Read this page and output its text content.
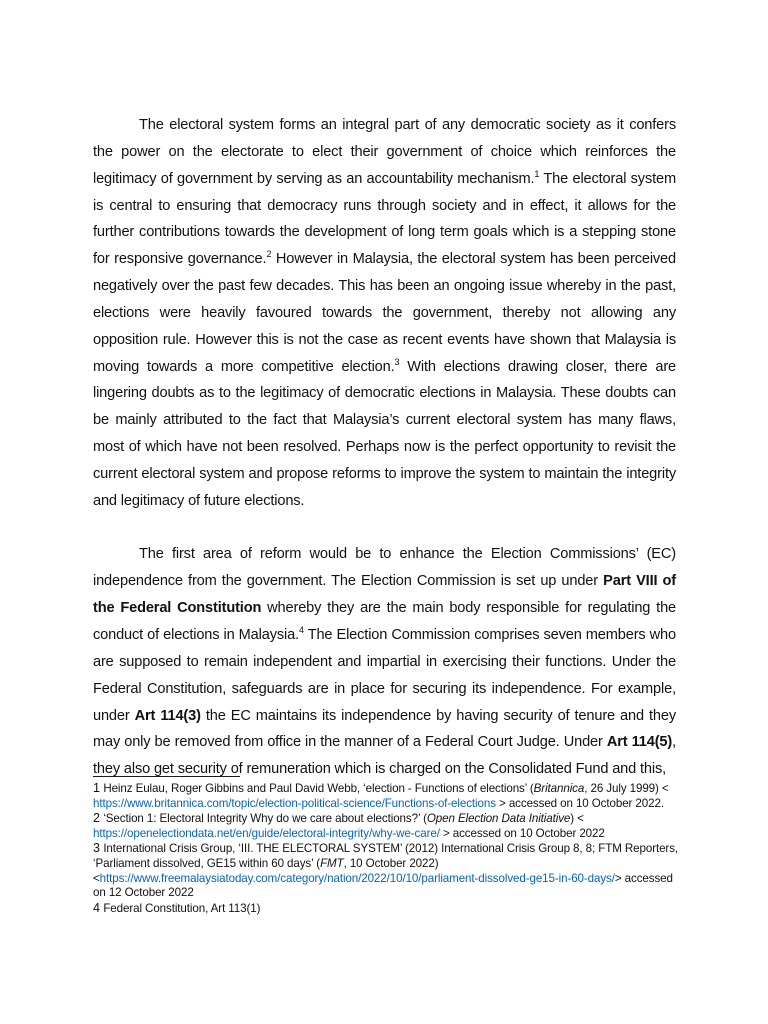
The electoral system forms an integral part of any democratic society as it confers the power on the electorate to elect their government of choice which reinforces the legitimacy of government by serving as an accountability mechanism.$^1$ The electoral system is central to ensuring that democracy runs through society and in effect, it allows for the further contributions towards the development of long term goals which is a stepping stone for responsive governance.$^2$ However in Malaysia, the electoral system has been perceived negatively over the past few decades. This has been an ongoing issue whereby in the past, elections were heavily favoured towards the government, thereby not allowing any opposition rule. However this is not the case as recent events have shown that Malaysia is moving towards a more competitive election.$^3$ With elections drawing closer, there are lingering doubts as to the legitimacy of democratic elections in Malaysia. These doubts can be mainly attributed to the fact that Malaysia’s current electoral system has many flaws, most of which have not been resolved. Perhaps now is the perfect opportunity to revisit the current electoral system and propose reforms to improve the system to maintain the integrity and legitimacy of future elections.

The first area of reform would be to enhance the Election Commissions’ (EC) independence from the government. The Election Commission is set up under Part VIII of the Federal Constitution whereby they are the main body responsible for regulating the conduct of elections in Malaysia.$^4$ The Election Commission comprises seven members who are supposed to remain independent and impartial in exercising their functions. Under the Federal Constitution, safeguards are in place for securing its independence. For example, under Art 114(3) the EC maintains its independence by having security of tenure and they may only be removed from office in the manner of a Federal Court Judge. Under Art 114(5), they also get security of remuneration which is charged on the Consolidated Fund and this,

1 Heinz Eulau, Roger Gibbins and Paul David Webb, ‘election - Functions of elections’ (Britannica, 26 July 1999) < https://www.britannica.com/topic/election-political-science/Functions-of-elections > accessed on 10 October 2022.

2 ‘Section 1: Electoral Integrity Why do we care about elections?’ (Open Election Data Initiative) < https://openelectiondata.net/en/guide/electoral-integrity/why-we-care/ > accessed on 10 October 2022

3 International Crisis Group, ‘III. THE ELECTORAL SYSTEM’ (2012) International Crisis Group 8, 8; FTM Reporters, ‘Parliament dissolved, GE15 within 60 days’ (FMT, 10 October 2022) <https://www.freemalaysiatoday.com/category/nation/2022/10/10/parliament-dissolved-ge15-in-60-days/> accessed on 12 October 2022

4 Federal Constitution, Art 113(1)
